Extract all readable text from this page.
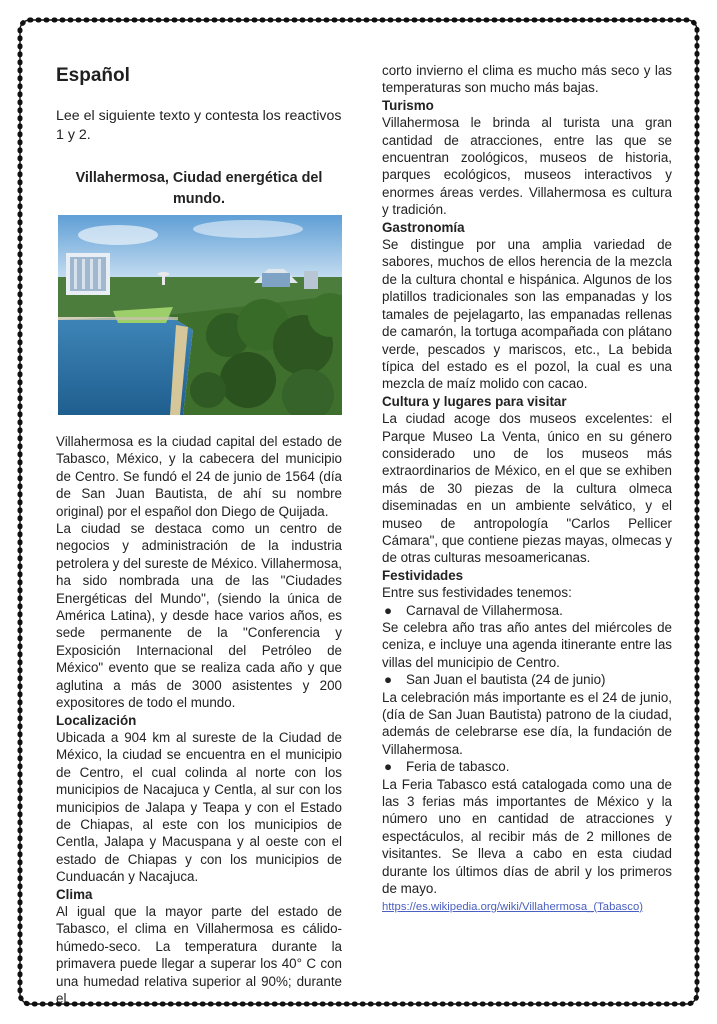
Español

Lee el siguiente texto y contesta los reactivos 1 y 2.

Villahermosa, Ciudad energética del mundo.

Villahermosa es la ciudad capital del estado de Tabasco, México, y la cabecera del municipio de Centro. Se fundó el 24 de junio de 1564 (día de San Juan Bautista, de ahí su nombre original) por el español don Diego de Quijada.

La ciudad se destaca como un centro de negocios y administración de la industria petrolera y del sureste de México. Villahermosa, ha sido nombrada una de las "Ciudades Energéticas del Mundo", (siendo la única de América Latina), y desde hace varios años, es sede permanente de la "Conferencia y Exposición Internacional del Petróleo de México" evento que se realiza cada año y que aglutina a más de 3000 asistentes y 200 expositores de todo el mundo.

Localización

Ubicada a 904 km al sureste de la Ciudad de México, la ciudad se encuentra en el municipio de Centro, el cual colinda al norte con los municipios de Nacajuca y Centla, al sur con los municipios de Jalapa y Teapa y con el Estado de Chiapas, al este con los municipios de Centla, Jalapa y Macuspana y al oeste con el estado de Chiapas y con los municipios de Cunduacán y Nacajuca.

Clima

Al igual que la mayor parte del estado de Tabasco, el clima en Villahermosa es cálido-húmedo-seco. La temperatura durante la primavera puede llegar a superar los 40° C con una humedad relativa superior al 90%; durante el

corto invierno el clima es mucho más seco y las temperaturas son mucho más bajas.

Turismo

Villahermosa le brinda al turista una gran cantidad de atracciones, entre las que se encuentran zoológicos, museos de historia, parques ecológicos, museos interactivos y enormes áreas verdes. Villahermosa es cultura y tradición.

Gastronomía

Se distingue por una amplia variedad de sabores, muchos de ellos herencia de la mezcla de la cultura chontal e hispánica. Algunos de los platillos tradicionales son las empanadas y los tamales de pejelagarto, las empanadas rellenas de camarón, la tortuga acompañada con plátano verde, pescados y mariscos, etc., La bebida típica del estado es el pozol, la cual es una mezcla de maíz molido con cacao.

Cultura y lugares para visitar

La ciudad acoge dos museos excelentes: el Parque Museo La Venta, único en su género considerado uno de los museos más extraordinarios de México, en el que se exhiben más de 30 piezas de la cultura olmeca diseminadas en un ambiente selvático, y el museo de antropología "Carlos Pellicer Cámara", que contiene piezas mayas, olmecas y de otras culturas mesoamericanas.

Festividades

Entre sus festividades tenemos:

● Carnaval de Villahermosa.

Se celebra año tras año antes del miércoles de ceniza, e incluye una agenda itinerante entre las villas del municipio de Centro.

● San Juan el bautista (24 de junio)

La celebración más importante es el 24 de junio, (día de San Juan Bautista) patrono de la ciudad, además de celebrarse ese día, la fundación de Villahermosa.

● Feria de tabasco.

La Feria Tabasco está catalogada como una de las 3 ferias más importantes de México y la número uno en cantidad de atracciones y espectáculos, al recibir más de 2 millones de visitantes. Se lleva a cabo en esta ciudad durante los últimos días de abril y los primeros de mayo.

https://es.wikipedia.org/wiki/Villahermosa_(Tabasco)
